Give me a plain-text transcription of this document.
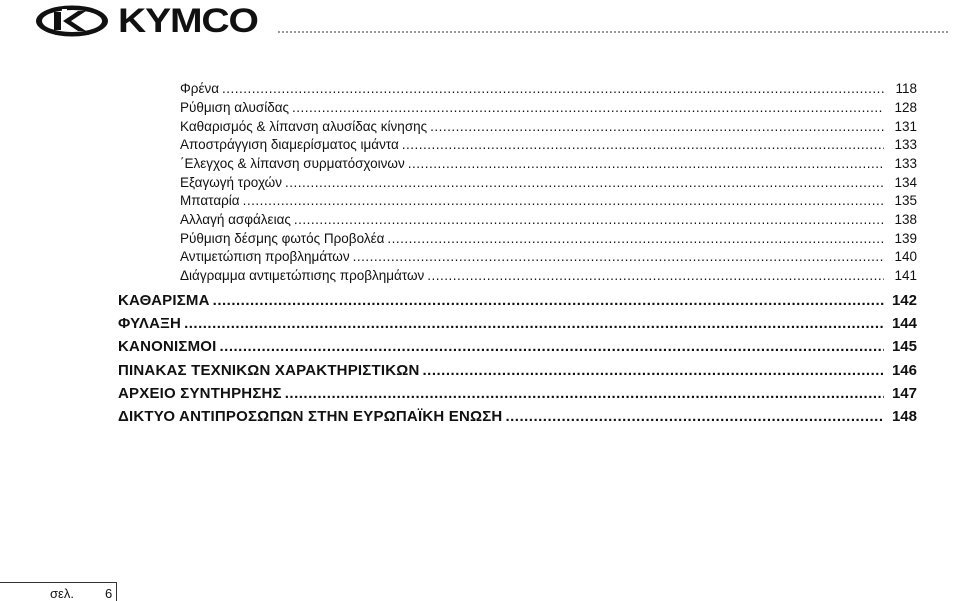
KYMCO
Φρένα .....	118
Ρύθμιση αλυσίδας .....	128
Καθαρισμός & λίπανση αλυσίδας κίνησης .....	131
Αποστράγγιση διαμερίσματος ιμάντα .....	133
΄Ελεγχος & λίπανση συρματόσχοινων .....	133
Εξαγωγή τροχών .....	134
Μπαταρία .....	135
Αλλαγή ασφάλειας .....	138
Ρύθμιση δέσμης φωτός Προβολέα .....	139
Αντιμετώπιση προβλημάτων .....	140
Διάγραμμα αντιμετώπισης προβλημάτων .....	141
ΚΑΘΑΡΙΣΜΑ .....	142
ΦΥΛΑΞΗ .....	144
ΚΑΝΟΝΙΣΜΟΙ .....	145
ΠΙΝΑΚΑΣ ΤΕΧΝΙΚΩΝ ΧΑΡΑΚΤΗΡΙΣΤΙΚΩΝ .....	146
ΑΡΧΕΙΟ ΣΥΝΤΗΡΗΣΗΣ .....	147
ΔΙΚΤΥΟ ΑΝΤΙΠΡΟΣΩΠΩΝ ΣΤΗΝ ΕΥΡΩΠΑΪΚΗ ΕΝΩΣΗ .....	148
σελ. 6
